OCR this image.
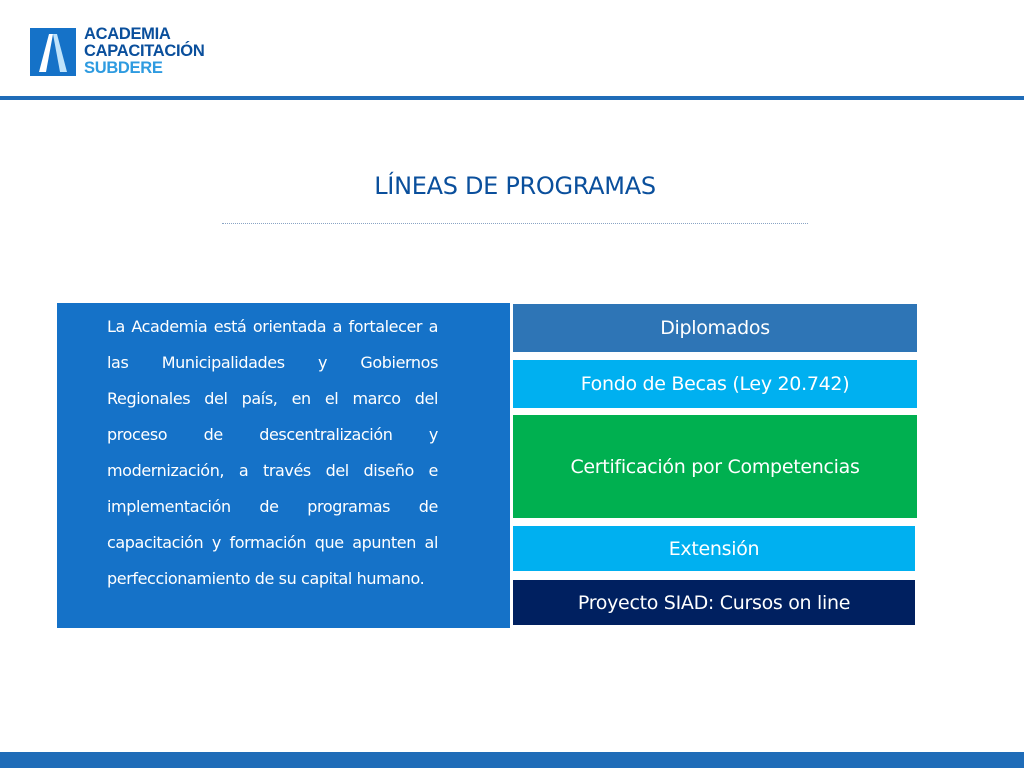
ACADEMIA
CAPACITACIÓN
SUBDERE
LÍNEAS DE PROGRAMAS
La Academia está orientada a fortalecer a las Municipalidades y Gobiernos Regionales del país, en el marco del proceso de descentralización y modernización, a través del diseño e implementación de programas de capacitación y formación que apunten al perfeccionamiento de su capital humano.
Diplomados
Fondo de Becas (Ley 20.742)
Certificación por Competencias
Extensión
Proyecto SIAD: Cursos on line
